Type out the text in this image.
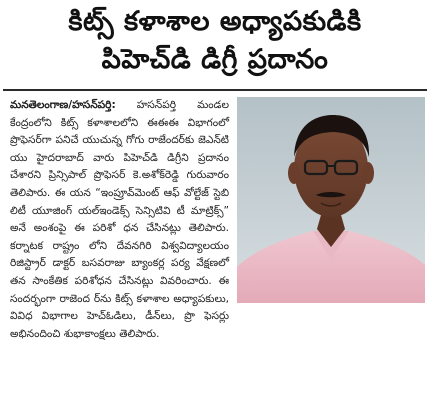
కిట్స్ కళాశాల అధ్యాపకుడికి
పిహెచ్‌డి డిగ్రీ ప్రదానం
మనతెలంగాణ/హసన్‌పర్తి: హసన్‌పర్తి మండల కేంద్రంలోని కిట్స్ కళాశాలలోని ఈఈఈ విభాగంలో ప్రొఫెసర్‌గా పనిచే యుచున్న గోగు రాజేందర్‌కు జెఎన్‌టి యు హైదరాబాద్ వారు పిహెచ్‌డి డిగ్రీని ప్రదానం చేశారని ప్రిన్సిపాల్ ప్రొఫెసర్ కె.అశోక్‌రెడ్డి గురువారం తెలిపారు. ఈ యన “ఇంప్రూవ్‌మెంట్ ఆఫ్ వోల్టేజ్ స్టెబి లిటీ యూజింగ్ యల్‌ఇండెక్స్ సెన్సిటివి టీ మాట్రిక్స్” అనే అంశంపై ఈ పరిశో ధన చేసినట్లు తెలిపారు. కర్నాటక రాష్ట్రం లోని దేవనగిరి విశ్వవిద్యాలయం రిజిస్ట్రార్ డాక్టర్ బసవరాజు బ్యాంకర్ల పర్య వేక్షణలో తన సాంకేతిక పరిశోధన చేసినట్లు వివరించారు. ఈ సందర్భంగా రాజెంద ర్‌ను కిట్స్ కళాశాల అధ్యాపకులు, వివిధ విభాగాల హెచ్ఓడిలు, డీన్‌లు, ప్రొ ఫెసర్లు అభినందించి శుభాకాంక్షలు తెలిపారు.
